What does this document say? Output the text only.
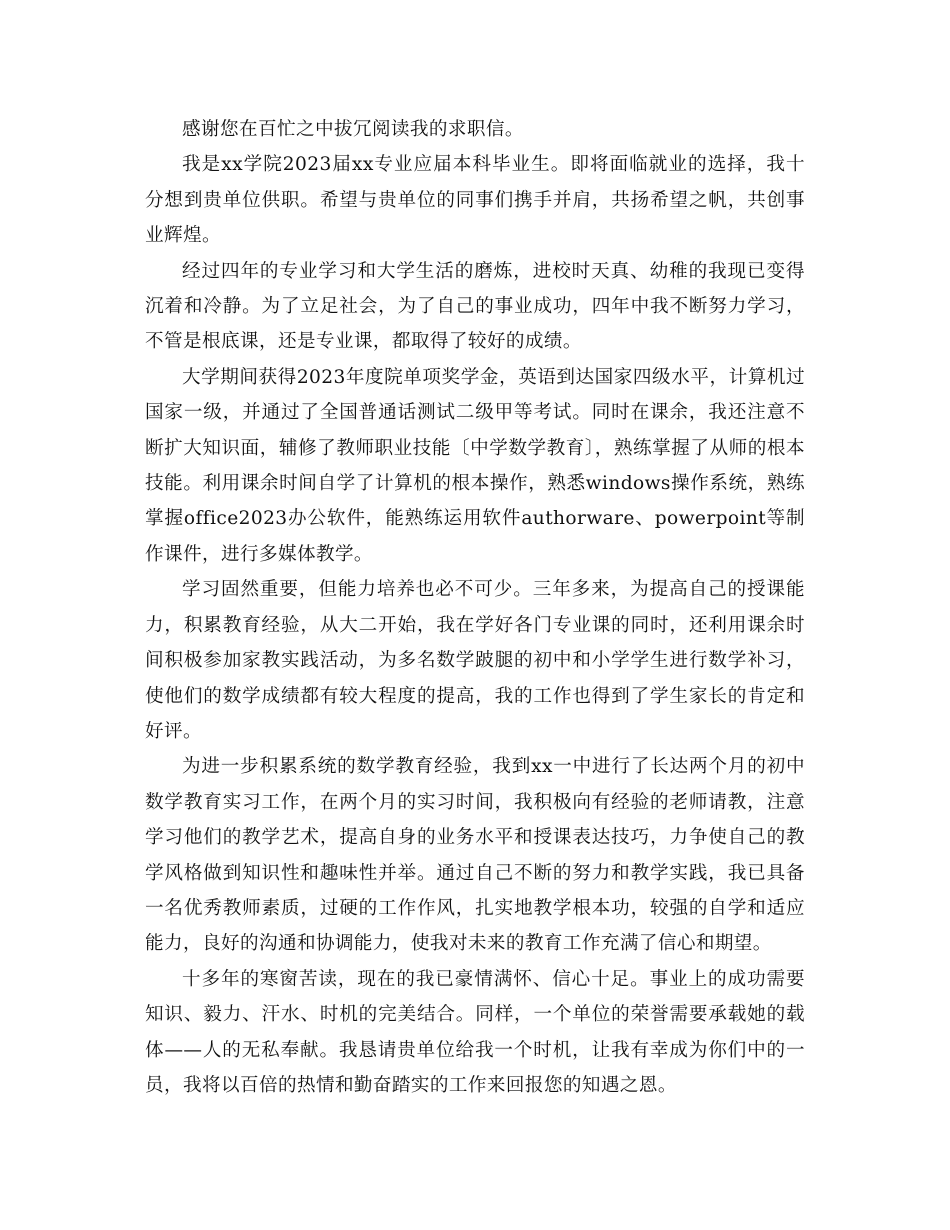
感谢您在百忙之中拔冗阅读我的求职信。

我是xx学院2023届xx专业应届本科毕业生。即将面临就业的选择，我十分想到贵单位供职。希望与贵单位的同事们携手并肩，共扬希望之帆，共创事业辉煌。

经过四年的专业学习和大学生活的磨炼，进校时天真、幼稚的我现已变得沉着和冷静。为了立足社会，为了自己的事业成功，四年中我不断努力学习，不管是根底课，还是专业课，都取得了较好的成绩。

大学期间获得2023年度院单项奖学金，英语到达国家四级水平，计算机过国家一级，并通过了全国普通话测试二级甲等考试。同时在课余，我还注意不断扩大知识面，辅修了教师职业技能〔中学数学教育〕，熟练掌握了从师的根本技能。利用课余时间自学了计算机的根本操作，熟悉windows操作系统，熟练掌握office2023办公软件，能熟练运用软件authorware、powerpoint等制作课件，进行多媒体教学。

学习固然重要，但能力培养也必不可少。三年多来，为提高自己的授课能力，积累教育经验，从大二开始，我在学好各门专业课的同时，还利用课余时间积极参加家教实践活动，为多名数学跛腿的初中和小学学生进行数学补习，使他们的数学成绩都有较大程度的提高，我的工作也得到了学生家长的肯定和好评。

为进一步积累系统的数学教育经验，我到xx一中进行了长达两个月的初中数学教育实习工作，在两个月的实习时间，我积极向有经验的老师请教，注意学习他们的教学艺术，提高自身的业务水平和授课表达技巧，力争使自己的教学风格做到知识性和趣味性并举。通过自己不断的努力和教学实践，我已具备一名优秀教师素质，过硬的工作作风，扎实地教学根本功，较强的自学和适应能力，良好的沟通和协调能力，使我对未来的教育工作充满了信心和期望。

十多年的寒窗苦读，现在的我已豪情满怀、信心十足。事业上的成功需要知识、毅力、汗水、时机的完美结合。同样，一个单位的荣誉需要承载她的载体——人的无私奉献。我恳请贵单位给我一个时机，让我有幸成为你们中的一员，我将以百倍的热情和勤奋踏实的工作来回报您的知遇之恩。
